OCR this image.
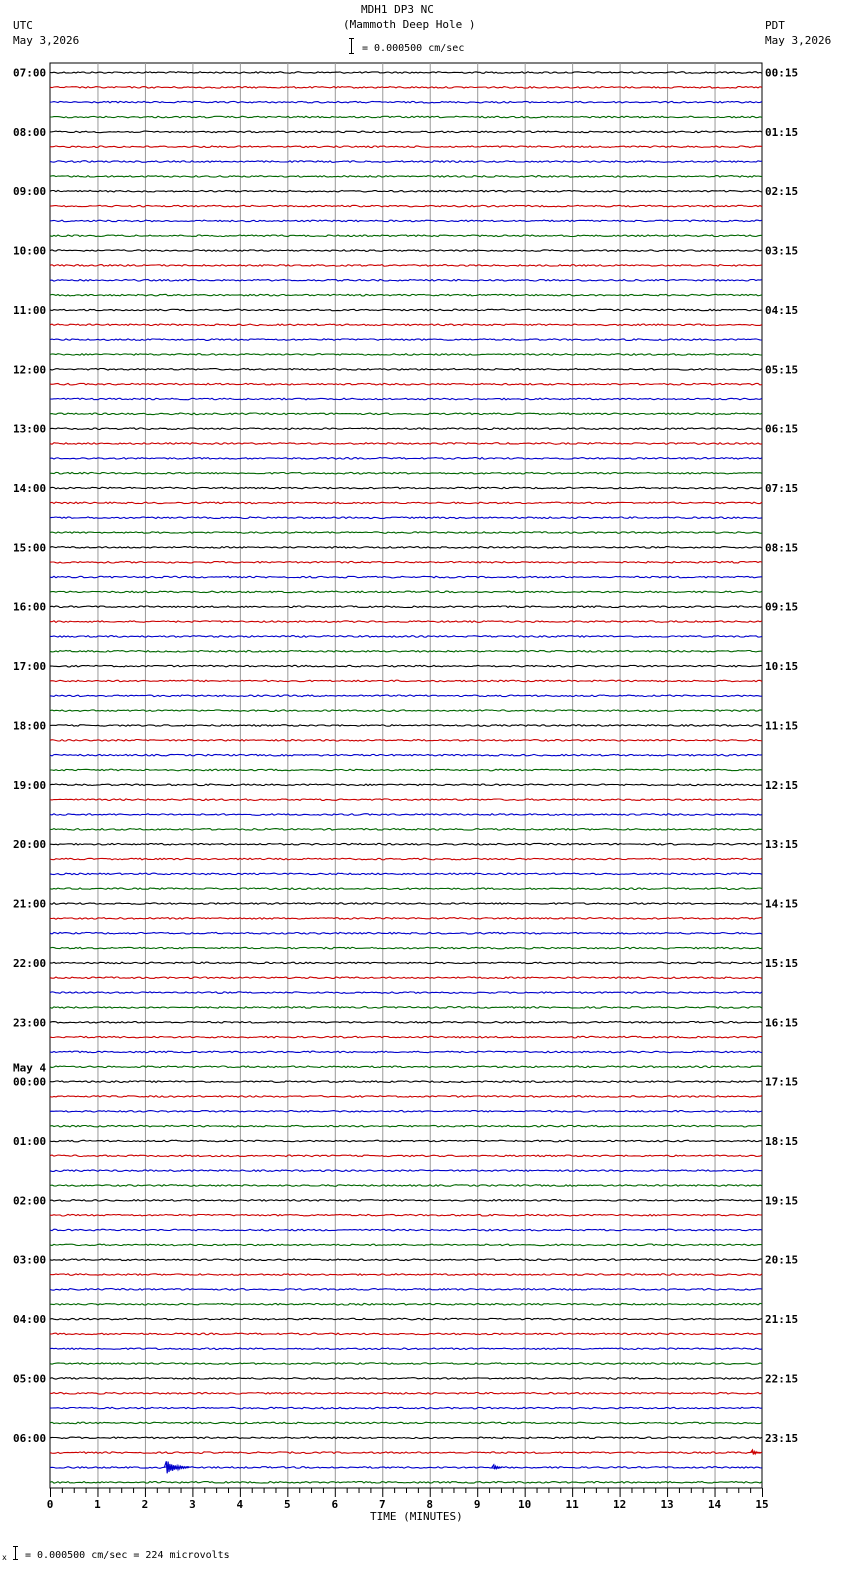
MDH1 DP3 NC
(Mammoth Deep Hole )
= 0.000500 cm/sec
UTC
May 3,2026
PDT
May 3,2026
07:00
08:00
09:00
10:00
11:00
12:00
13:00
14:00
15:00
16:00
17:00
18:00
19:00
20:00
21:00
22:00
23:00
00:00
01:00
02:00
03:00
04:00
05:00
06:00
00:15
01:15
02:15
03:15
04:15
05:15
06:15
07:15
08:15
09:15
10:15
11:15
12:15
13:15
14:15
15:15
16:15
17:15
18:15
19:15
20:15
21:15
22:15
23:15
May 4
0	1	2	3	4	5	6	7	8	9	10	11	12	13	14	15
TIME (MINUTES)
x = 0.000500 cm/sec = 224 microvolts
